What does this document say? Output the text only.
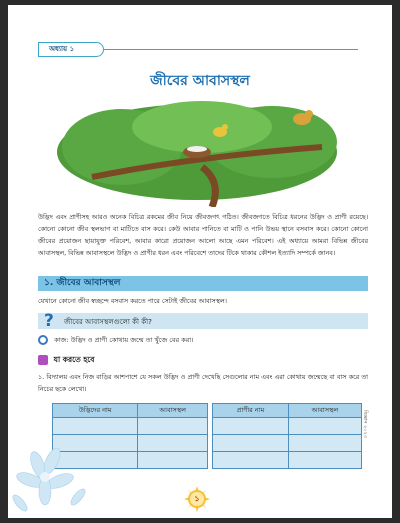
অধ্যায় ১
জীবের আবাসস্থল
উদ্ভিদ এবং প্রাণীসহ আরও অনেক বিচিত্র রকমের জীব নিয়ে জীবজগৎ গঠিত। জীবজগতে বিচিত্র ধরনের উদ্ভিদ ও প্রাণী রয়েছে। কোনো কোনো জীব স্থলভাগ বা মাটিতে বাস করে। কেউ আবার পানিতে বা মাটি ও পানি উভয় স্থানে বসবাস করে। কোনো কোনো জীবের প্রয়োজন ছায়াযুক্ত পরিবেশ, আবার কারো প্রয়োজন আলো আছে এমন পরিবেশ। এই অধ্যায়ে আমরা বিভিন্ন জীবের আবাসস্থল, বিভিন্ন আবাসস্থলে উদ্ভিদ ও প্রাণীর ধরন এবং পরিবেশে তাদের টিকে থাকার কৌশল ইত্যাদি সম্পর্কে জানব।
১. জীবের আবাসস্থল
যেখানে কোনো জীব স্বচ্ছন্দে বসবাস করতে পারে সেটাই জীবের আবাসস্থল।
? জীবের আবাসস্থলগুলো কী কী?
কাজ: উদ্ভিদ ও প্রাণী কোথায় জন্মে তা খুঁজে বের করা।
যা করতে হবে
১. বিদ্যালয় এবং নিজ বাড়ির আশপাশে যে সকল উদ্ভিদ ও প্রাণী দেখেছি সেগুলোর নাম এবং এরা কোথায় জন্মেছে বা বাস করে তা নিচের ছকে লেখো।
উদ্ভিদের নাম	আবাসস্থল

		প্রাণীর নাম	আবাসস্থল

		বিজ্ঞান ২০২৩
১
